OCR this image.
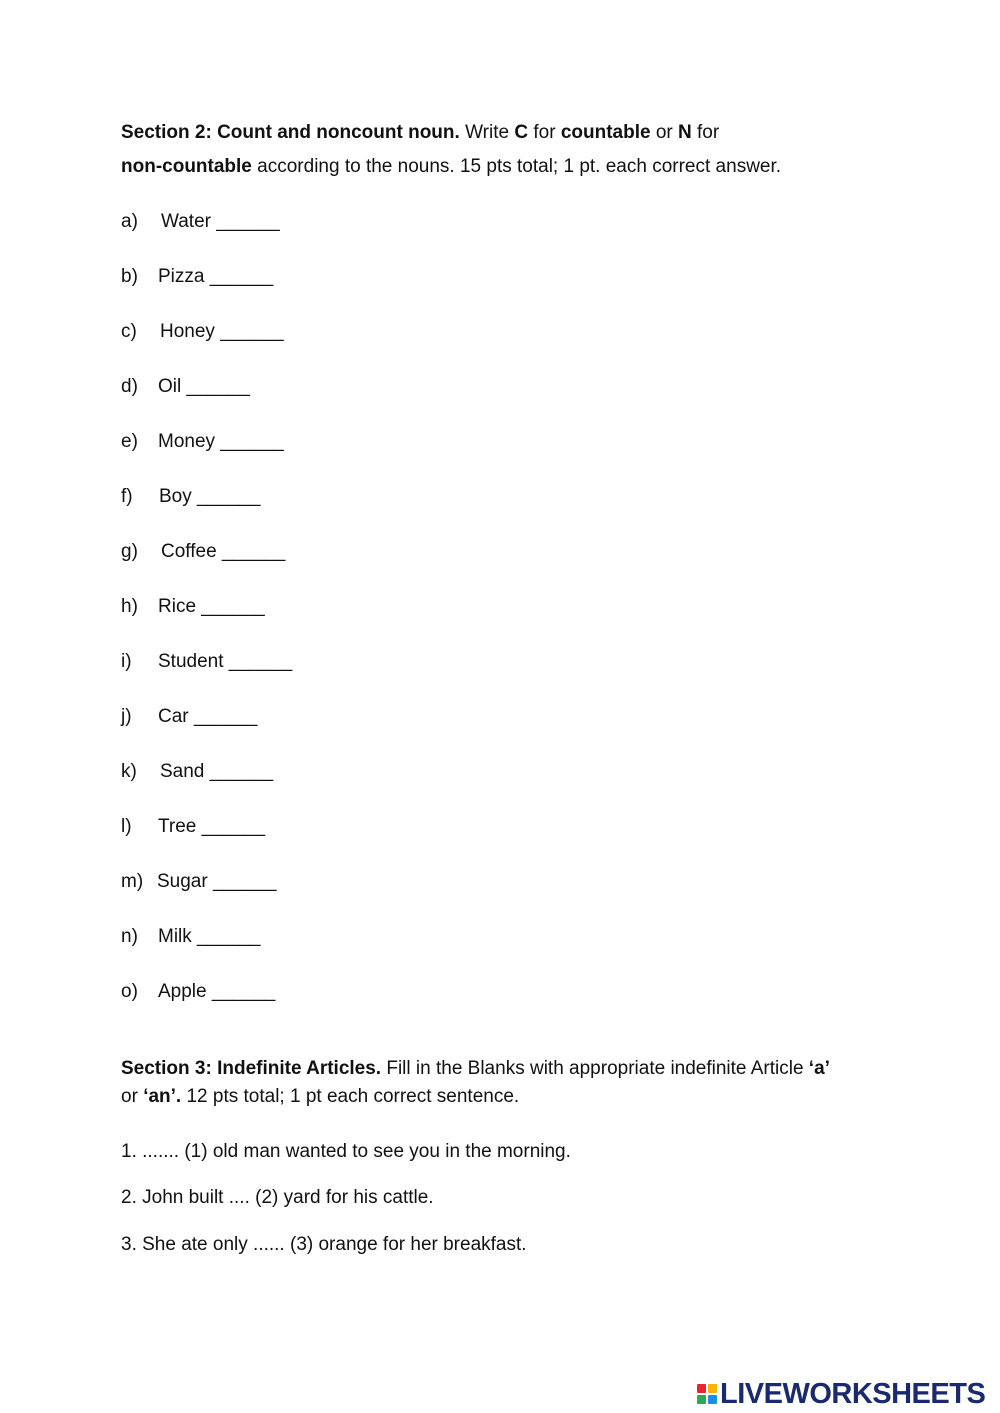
Section 2: Count and noncount noun. Write C for countable or N for

non-countable according to the nouns. 15 pts total; 1 pt. each correct answer.

a) Water ______
b) Pizza ______
c) Honey ______
d) Oil ______
e) Money ______
f) Boy ______
g) Coffee ______
h) Rice ______
i) Student ______
j) Car ______
k) Sand ______
l) Tree ______
m) Sugar ______
n) Milk ______
o) Apple ______

Section 3: Indefinite Articles. Fill in the Blanks with appropriate indefinite Article ‘a’

or ‘an’. 12 pts total; 1 pt each correct sentence.

1. ....... (1) old man wanted to see you in the morning.
2. John built .... (2) yard for his cattle.
3. She ate only ...... (3) orange for her breakfast.
LIVEWORKSHEETS
